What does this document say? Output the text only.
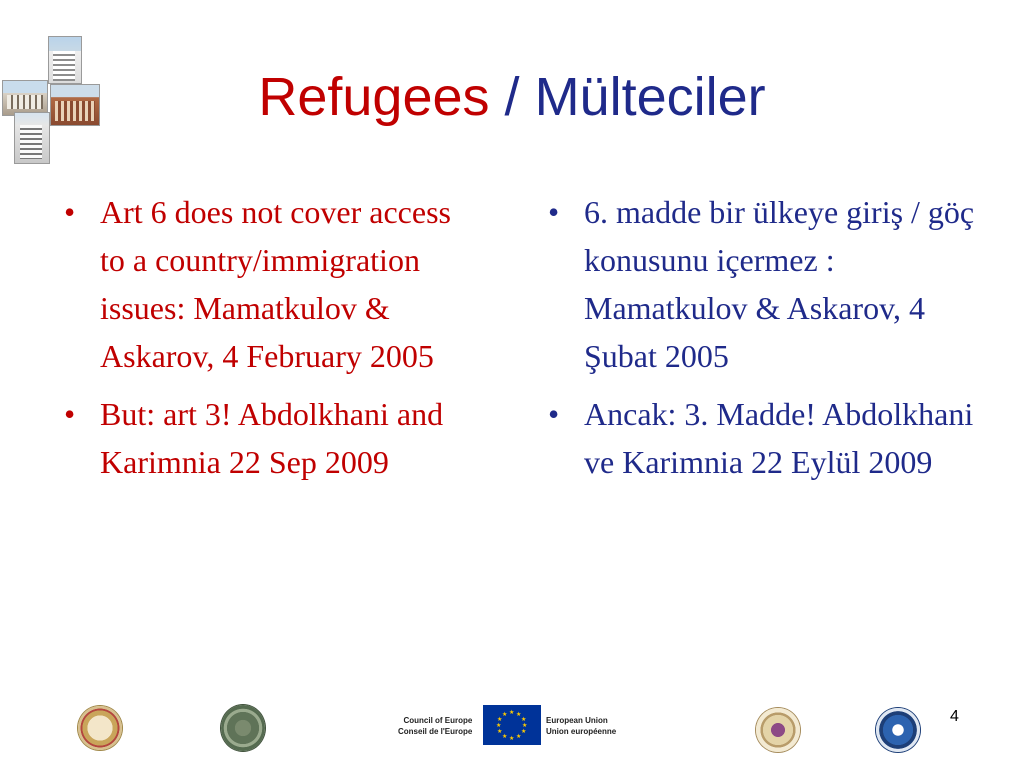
Refugees / Mülteciler
• Art 6 does not cover access to a country/immigration issues: Mamatkulov & Askarov, 4 February 2005
• But: art 3! Abdolkhani and Karimnia 22 Sep 2009
• 6. madde bir ülkeye giriş / göç konusunu içermez : Mamatkulov & Askarov, 4 Şubat 2005
• Ancak: 3. Madde! Abdolkhani ve Karimnia 22 Eylül 2009
Council of Europe
Conseil de l'Europe
★ ★
★
★
★
★
★
★
★
★
★
★
European Union
Union européenne
4
